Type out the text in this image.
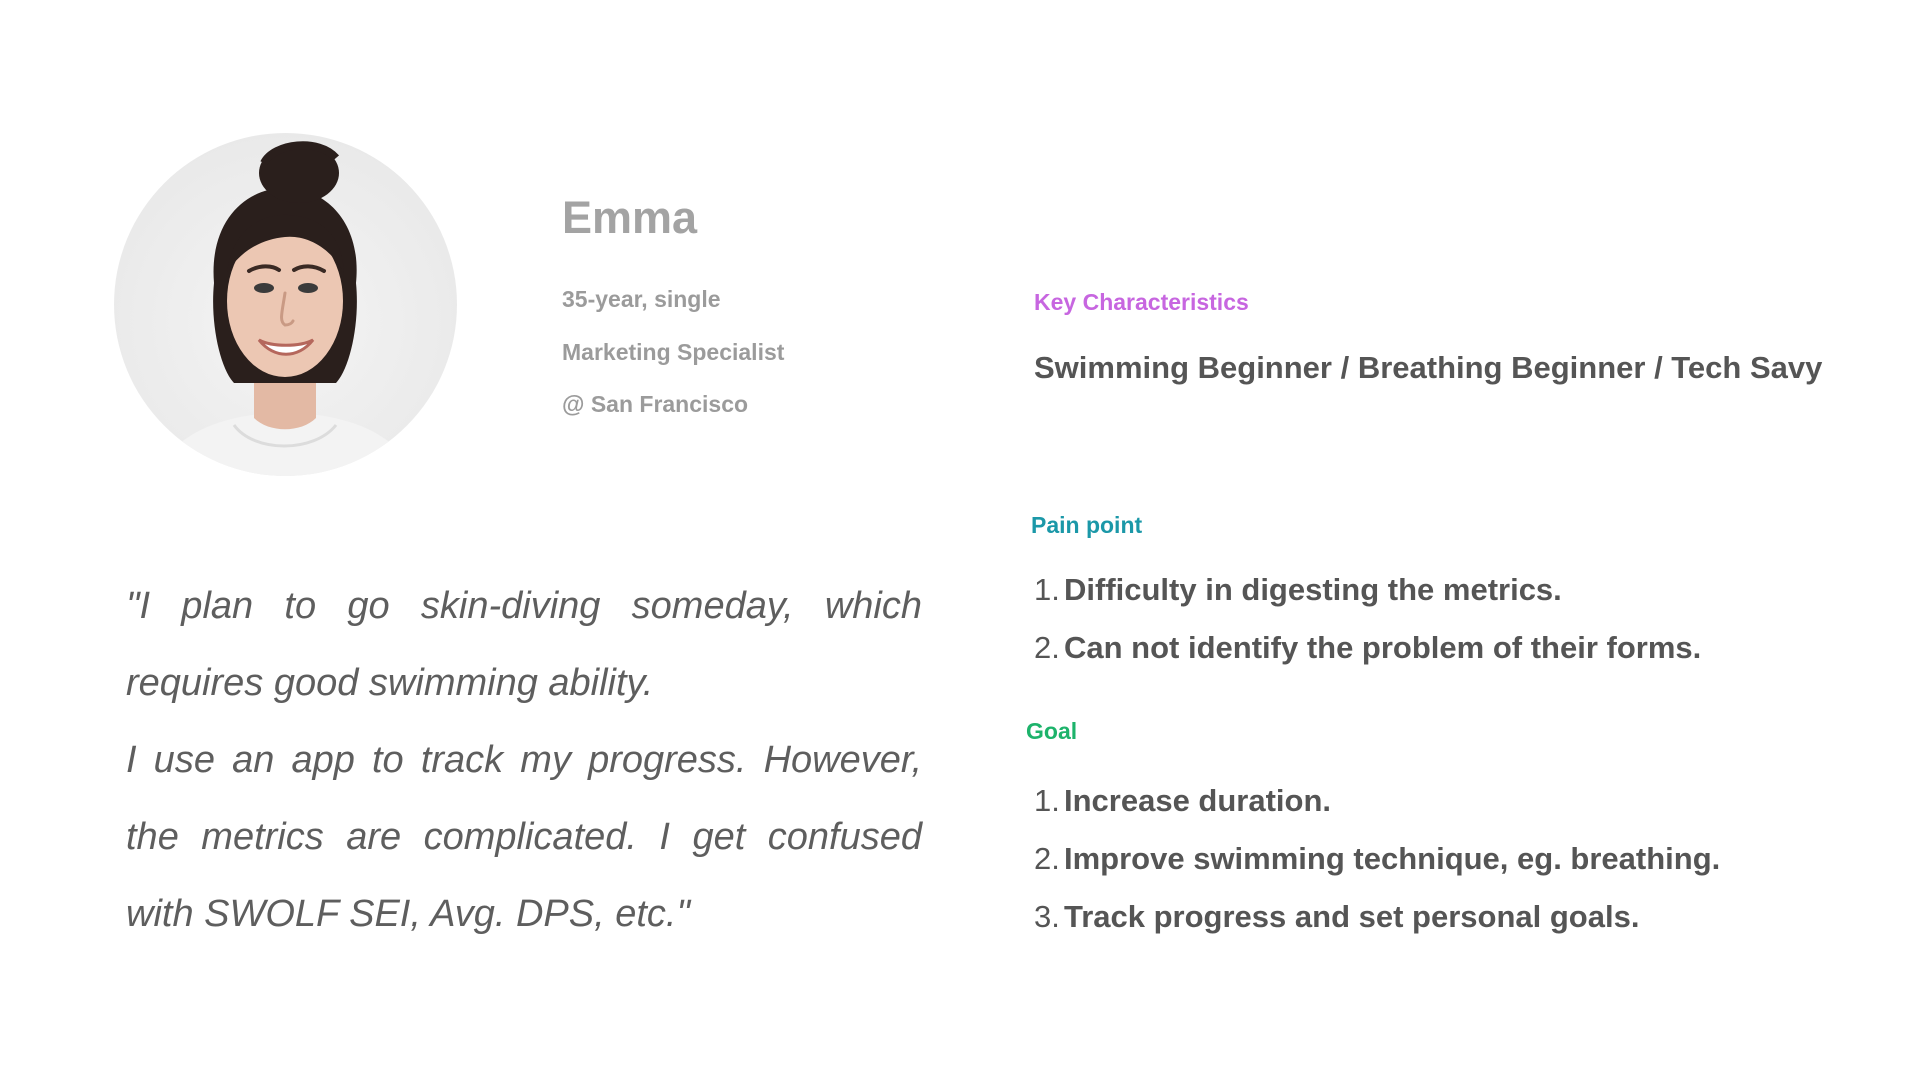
Emma
35-year, single
Marketing Specialist
@ San Francisco

"I plan to go skin-diving someday, which
requires good swimming ability.
I use an app to track my progress. However,
the metrics are complicated. I get confused
with SWOLF SEI, Avg. DPS, etc."

Key Characteristics
Swimming Beginner / Breathing Beginner / Tech Savy
Pain point
1. Difficulty in digesting the metrics.
2. Can not identify the problem of their forms.
Goal
1. Increase duration.
2. Improve swimming technique, eg. breathing.
3. Track progress and set personal goals.
